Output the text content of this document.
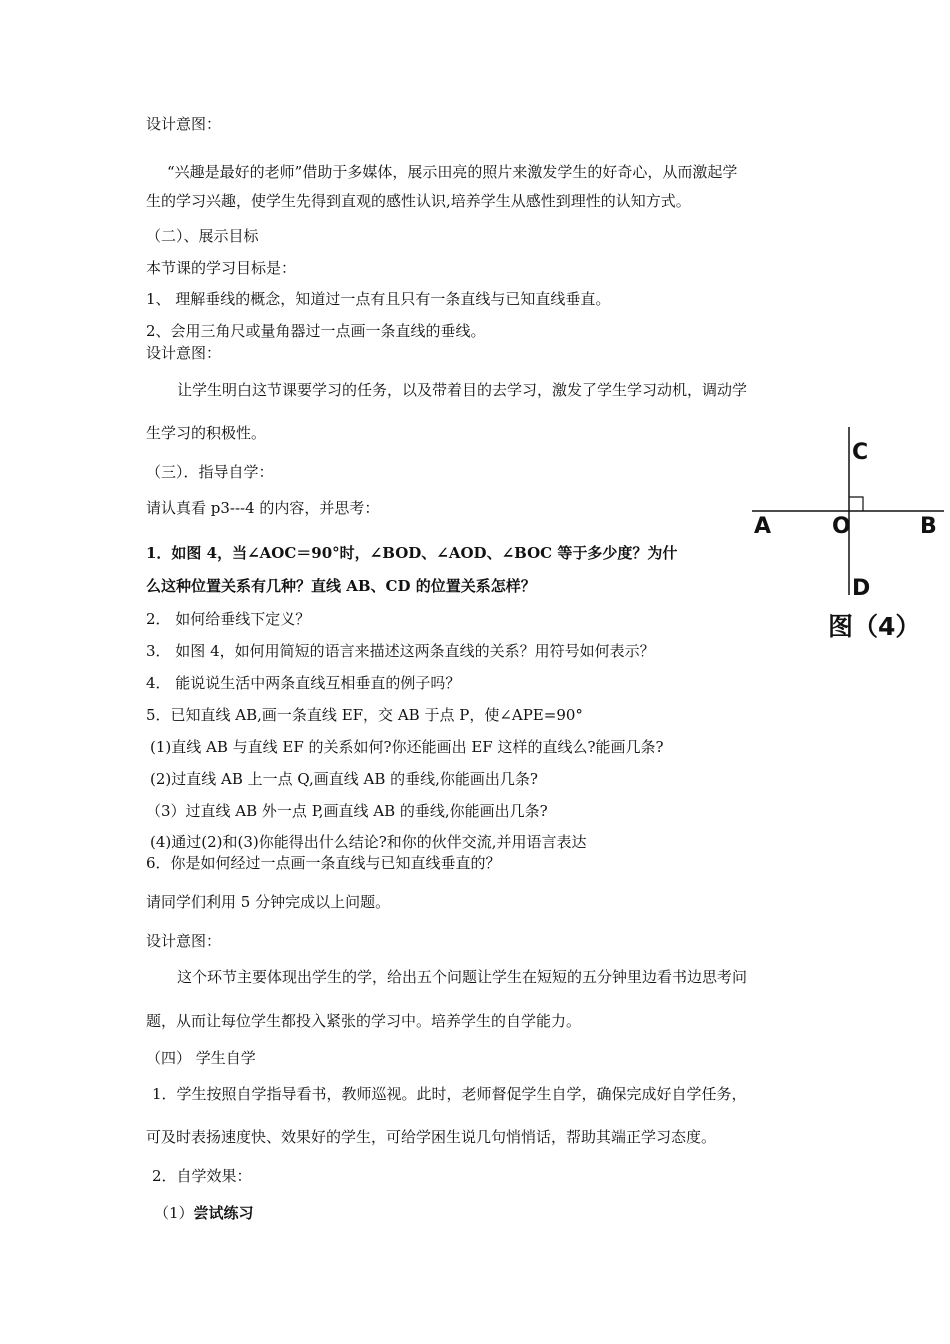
设计意图：
“兴趣是最好的老师”借助于多媒体，展示田亮的照片来激发学生的好奇心，从而激起学
生的学习兴趣，使学生先得到直观的感性认识,培养学生从感性到理性的认知方式。
（二）、展示目标
本节课的学习目标是：
1、 理解垂线的概念，知道过一点有且只有一条直线与已知直线垂直。
2、会用三角尺或量角器过一点画一条直线的垂线。
设计意图：
让学生明白这节课要学习的任务，以及带着目的去学习，激发了学生学习动机，调动学
生学习的积极性。
（三）．指导自学：
请认真看 p3---4 的内容，并思考：
1．如图 4，当∠AOC＝90°时，∠BOD、∠AOD、∠BOC 等于多少度？为什
么这种位置关系有几种？直线 AB、CD 的位置关系怎样？
2． 如何给垂线下定义？
3． 如图 4，如何用简短的语言来描述这两条直线的关系？用符号如何表示？
4． 能说说生活中两条直线互相垂直的例子吗？
5．已知直线 AB,画一条直线 EF，交 AB 于点 P，使∠APE=90°
(1)直线 AB 与直线 EF 的关系如何?你还能画出 EF 这样的直线么?能画几条?
(2)过直线 AB 上一点 Q,画直线 AB 的垂线,你能画出几条?
（3）过直线 AB 外一点 P,画直线 AB 的垂线,你能画出几条?
(4)通过(2)和(3)你能得出什么结论?和你的伙伴交流,并用语言表达
6．你是如何经过一点画一条直线与已知直线垂直的？
请同学们利用 5 分钟完成以上问题。
设计意图：
这个环节主要体现出学生的学，给出五个问题让学生在短短的五分钟里边看书边思考问
题，从而让每位学生都投入紧张的学习中。培养学生的自学能力。
（四） 学生自学
1．学生按照自学指导看书，教师巡视。此时，老师督促学生自学，确保完成好自学任务，
可及时表扬速度快、效果好的学生，可给学困生说几句悄悄话，帮助其端正学习态度。
2．自学效果：
（1）尝试练习
C
A	O	B
D
图（4）
